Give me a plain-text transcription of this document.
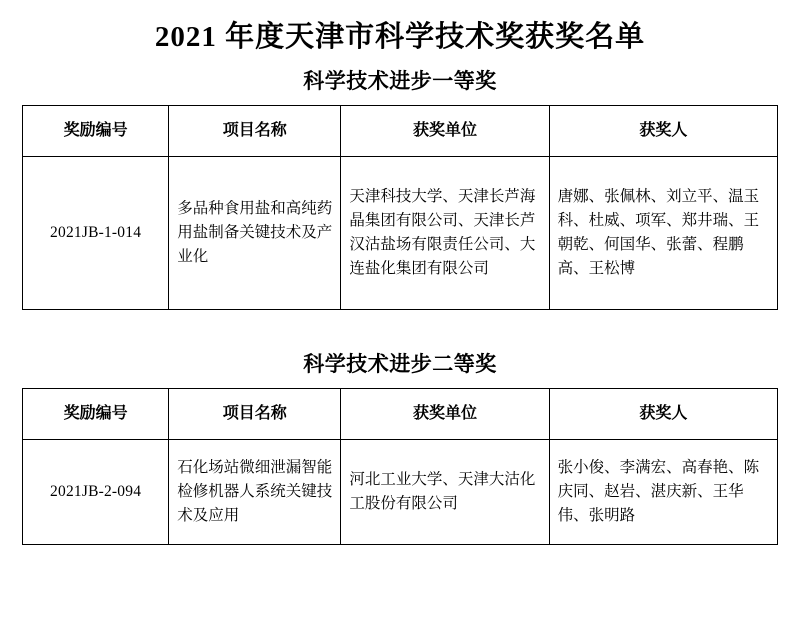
2021 年度天津市科学技术奖获奖名单
科学技术进步一等奖
奖励编号	项目名称	获奖单位	获奖人
2021JB-1-014	多品种食用盐和高纯药用盐制备关键技术及产业化	天津科技大学、天津长芦海晶集团有限公司、天津长芦汉沽盐场有限责任公司、大连盐化集团有限公司	唐娜、张佩林、刘立平、温玉科、杜威、项军、郑井瑞、王朝乾、何国华、张蕾、程鹏高、王松博
科学技术进步二等奖
奖励编号	项目名称	获奖单位	获奖人
2021JB-2-094	石化场站微细泄漏智能检修机器人系统关键技术及应用	河北工业大学、天津大沽化工股份有限公司	张小俊、李满宏、高春艳、陈庆同、赵岩、湛庆新、王华伟、张明路
